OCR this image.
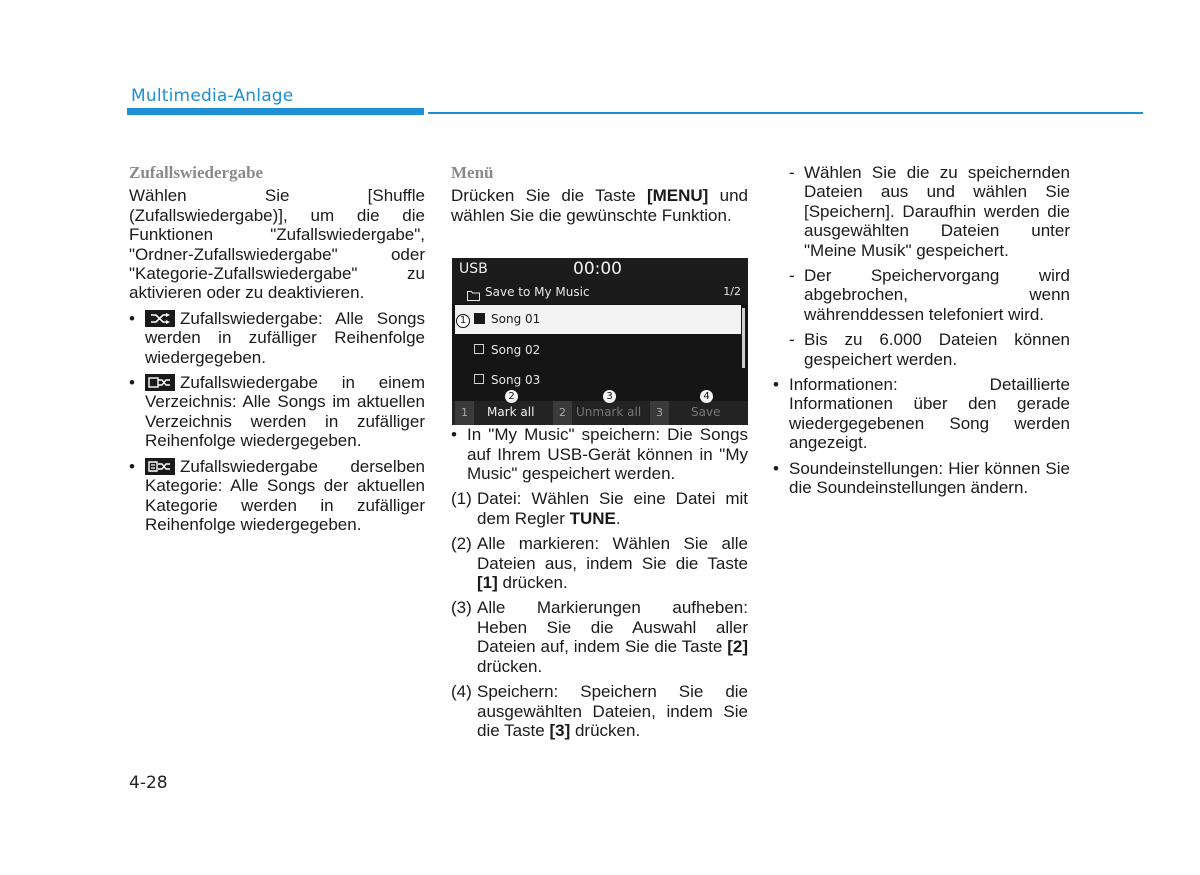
Multimedia-Anlage
Zufallswiedergabe
Wählen Sie [Shuffle (Zufallswiedergabe)], um die die Funktionen "Zufallswiedergabe", "Ordner-Zufallswiedergabe" oder "Kategorie-Zufallswiedergabe" zu aktivieren oder zu deaktivieren.
•	Zufallswiedergabe: Alle Songs werden in zufälliger Reihenfolge wiedergegeben.
•	Zufallswiedergabe in einem Verzeichnis: Alle Songs im aktuellen Verzeichnis werden in zufälliger Reihenfolge wiedergegeben.
•	Zufallswiedergabe derselben Kategorie: Alle Songs der aktuellen Kategorie werden in zufälliger Reihenfolge wiedergegeben.
Menü
Drücken Sie die Taste [MENU] und wählen Sie die gewünschte Funktion.
• In "My Music" speichern: Die Songs auf Ihrem USB-Gerät können in "My Music" gespeichert werden.
(1) Datei: Wählen Sie eine Datei mit dem Regler TUNE.
(2) Alle markieren: Wählen Sie alle Dateien aus, indem Sie die Taste [1] drücken.
(3) Alle Markierungen aufheben: Heben Sie die Auswahl aller Dateien auf, indem Sie die Taste [2] drücken.
(4) Speichern: Speichern Sie die ausgewählten Dateien, indem Sie die Taste [3] drücken.
USB	00:00
Save to My Music	1/2
Song 01
Song 02
Song 03
1	Mark all	2 Unmark all	3	Save
2	3	4
1
- Wählen Sie die zu speichernden Dateien aus und wählen Sie [Speichern]. Daraufhin werden die ausgewählten Dateien unter "Meine Musik" gespeichert.
- Der Speichervorgang wird abgebrochen, wenn währenddessen telefoniert wird.
- Bis zu 6.000 Dateien können gespeichert werden.
• Informationen: Detaillierte Informationen über den gerade wiedergegebenen Song werden angezeigt.
• Soundeinstellungen: Hier können Sie die Soundeinstellungen ändern.
4-28
